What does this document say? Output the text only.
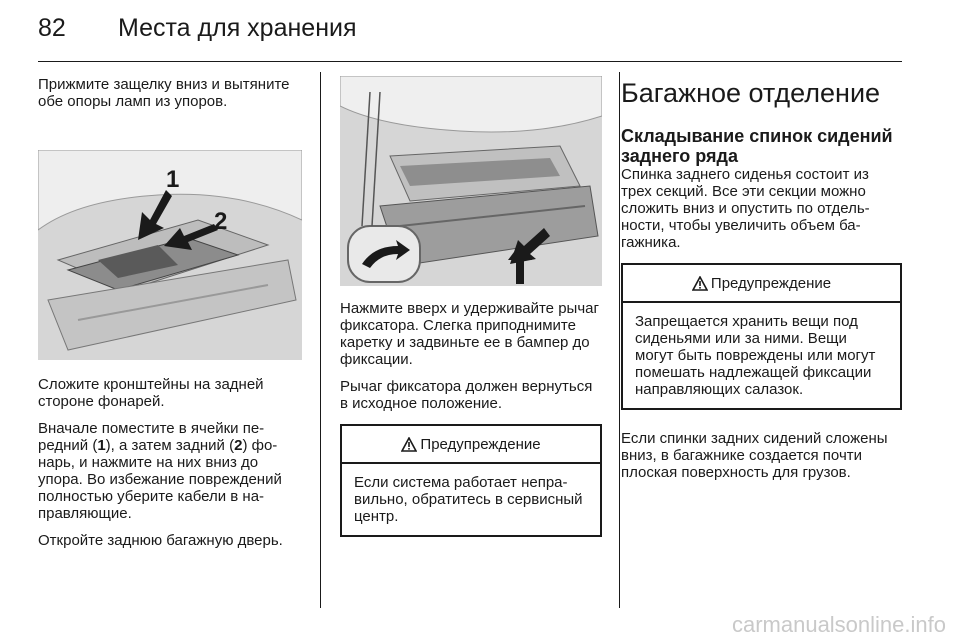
82 Места для хранения

Прижмите защелку вниз и вытяните обе опоры ламп из упоров.

1
2

Сложите кронштейны на задней стороне фонарей.

Вначале поместите в ячейки передний (1), а затем задний (2) фонарь, и нажмите на них вниз до упора. Во избежание повреждений полностью уберите кабели в направляющие.

Откройте заднюю багажную дверь.

Нажмите вверх и удерживайте рычаг фиксатора. Слегка приподнимите каретку и задвиньте ее в бампер до фиксации.

Рычаг фиксатора должен вернуться в исходное положение.

Предупреждение
Если система работает неправильно, обратитесь в сервисный центр.
Багажное отделение
Складывание спинок сидений заднего ряда

Спинка заднего сиденья состоит из трех секций. Все эти секции можно сложить вниз и опустить по отдельности, чтобы увеличить объем багажника.

Предупреждение
Запрещается хранить вещи под сиденьями или за ними. Вещи могут быть повреждены или могут помешать надлежащей фиксации направляющих салазок.

Если спинки задних сидений сложены вниз, в багажнике создается почти плоская поверхность для грузов.

carmanualsonline.info
